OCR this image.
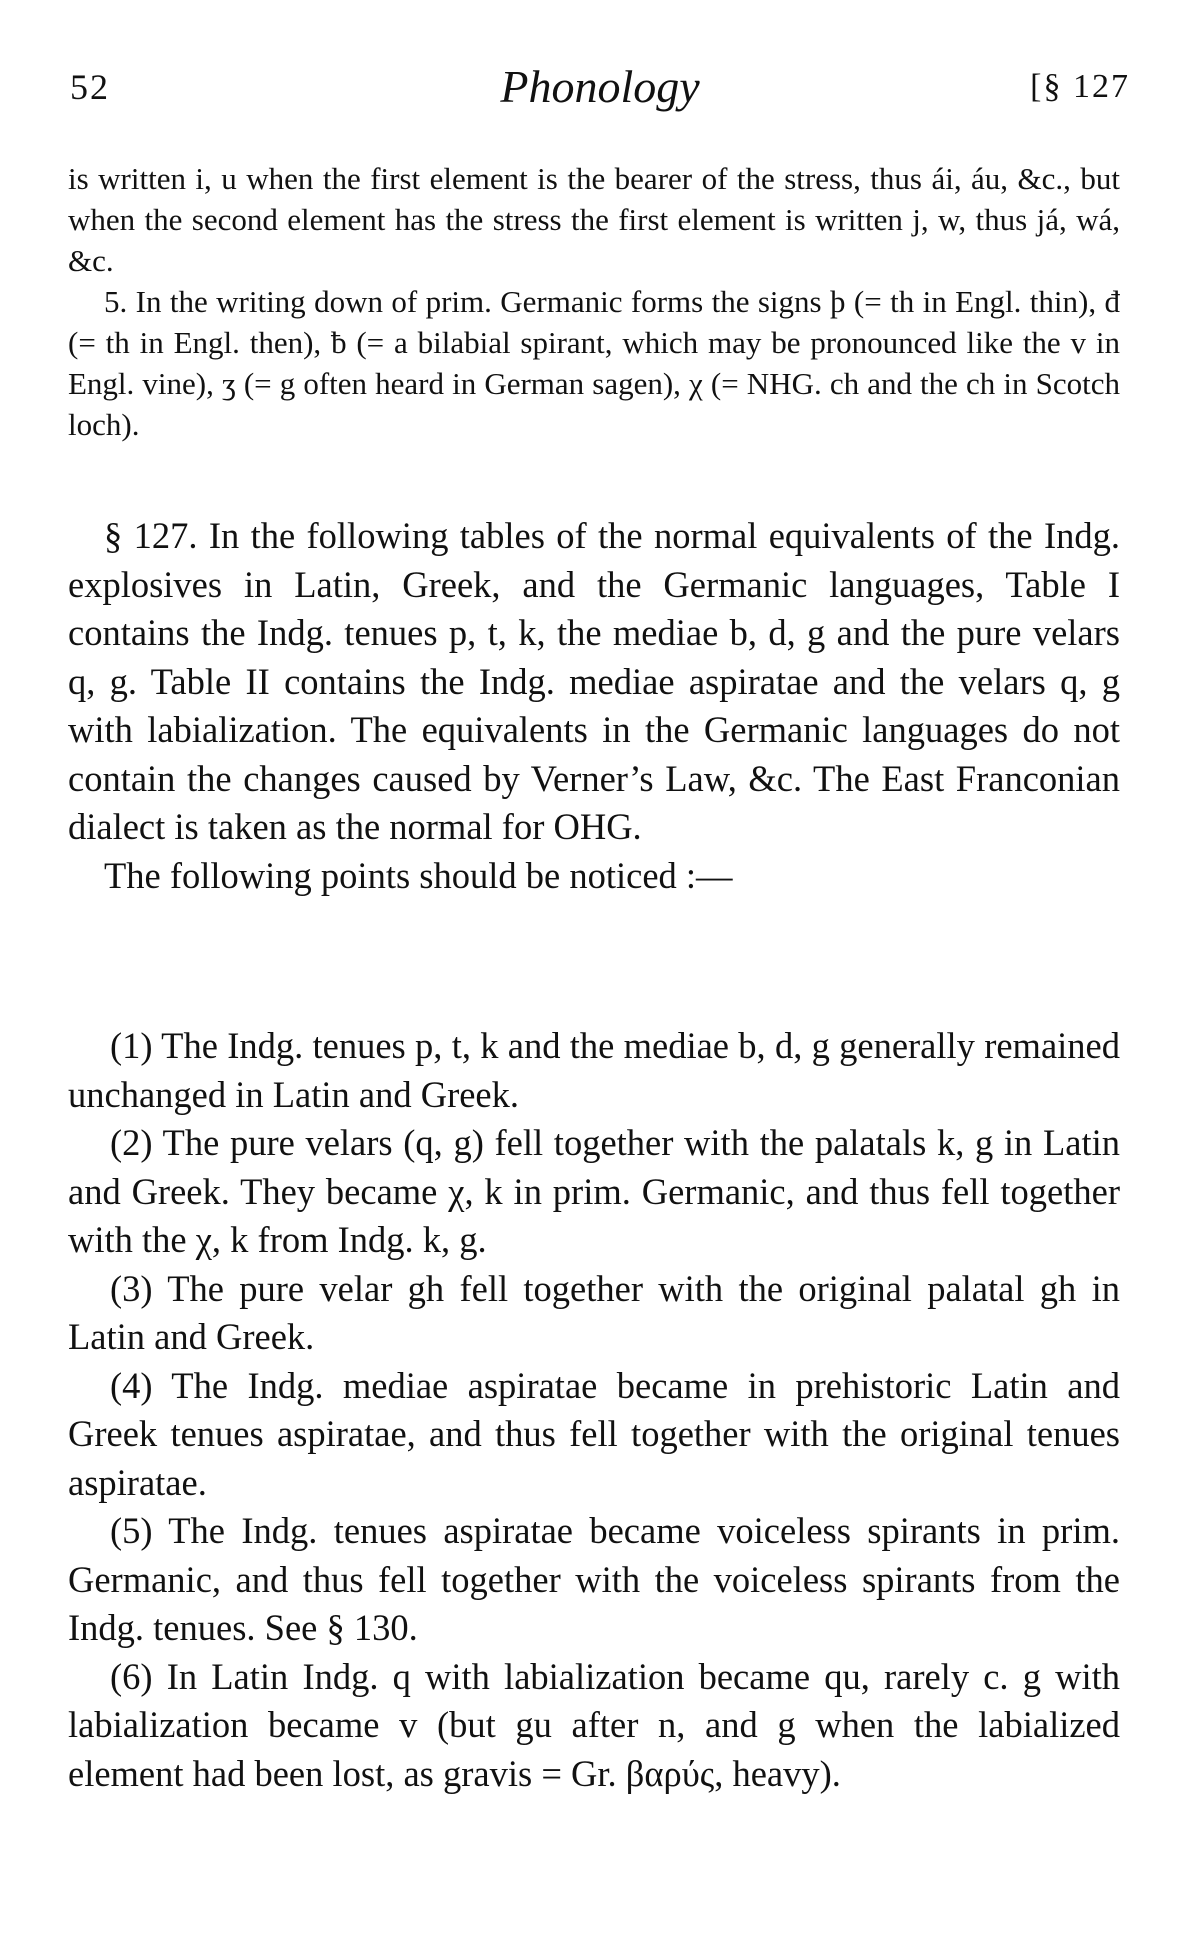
52	Phonology	[§ 127

is written i, u when the first element is the bearer of the stress, thus ái, áu, &c., but when the second element has the stress the first element is written j, w, thus já, wá, &c.

5. In the writing down of prim. Germanic forms the signs þ (= th in Engl. thin), đ (= th in Engl. then), ƀ (= a bilabial spirant, which may be pronounced like the v in Engl. vine), ʒ (= g often heard in German sagen), χ (= NHG. ch and the ch in Scotch loch).

§ 127. In the following tables of the normal equivalents of the Indg. explosives in Latin, Greek, and the Germanic languages, Table I contains the Indg. tenues p, t, k, the mediae b, d, g and the pure velars q, g. Table II contains the Indg. mediae aspiratae and the velars q, g with labialization. The equivalents in the Germanic languages do not contain the changes caused by Verner’s Law, &c. The East Franconian dialect is taken as the normal for OHG.

The following points should be noticed :—

(1) The Indg. tenues p, t, k and the mediae b, d, g generally remained unchanged in Latin and Greek.

(2) The pure velars (q, g) fell together with the palatals k, g in Latin and Greek. They became χ, k in prim. Germanic, and thus fell together with the χ, k from Indg. k, g.

(3) The pure velar gh fell together with the original palatal gh in Latin and Greek.

(4) The Indg. mediae aspiratae became in prehistoric Latin and Greek tenues aspiratae, and thus fell together with the original tenues aspiratae.

(5) The Indg. tenues aspiratae became voiceless spirants in prim. Germanic, and thus fell together with the voiceless spirants from the Indg. tenues. See § 130.

(6) In Latin Indg. q with labialization became qu, rarely c. g with labialization became v (but gu after n, and g when the labialized element had been lost, as gravis = Gr. βαρύς, heavy).
